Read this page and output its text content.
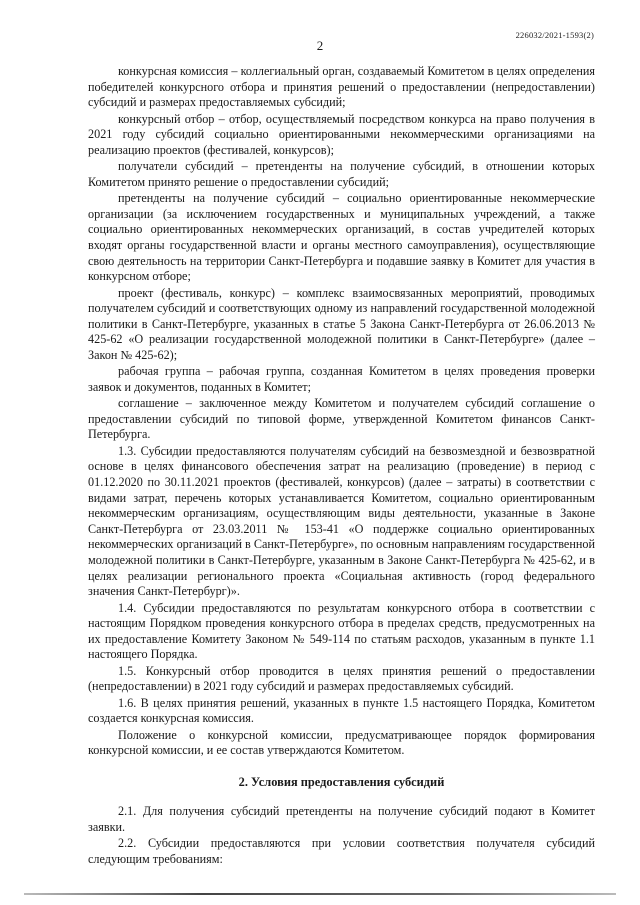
226032/2021-1593(2)
2

конкурсная комиссия – коллегиальный орган, создаваемый Комитетом в целях определения победителей конкурсного отбора и принятия решений о предоставлении (непредоставлении) субсидий и размерах предоставляемых субсидий;

конкурсный отбор – отбор, осуществляемый посредством конкурса на право получения в 2021 году субсидий социально ориентированными некоммерческими организациями на реализацию проектов (фестивалей, конкурсов);

получатели субсидий – претенденты на получение субсидий, в отношении которых Комитетом принято решение о предоставлении субсидий;

претенденты на получение субсидий – социально ориентированные некоммерческие организации (за исключением государственных и муниципальных учреждений, а также социально ориентированных некоммерческих организаций, в состав учредителей которых входят органы государственной власти и органы местного самоуправления), осуществляющие свою деятельность на территории Санкт-Петербурга и подавшие заявку в Комитет для участия в конкурсном отборе;

проект (фестиваль, конкурс) – комплекс взаимосвязанных мероприятий, проводимых получателем субсидий и соответствующих одному из направлений государственной молодежной политики в Санкт-Петербурге, указанных в статье 5 Закона Санкт-Петербурга от 26.06.2013 № 425-62 «О реализации государственной молодежной политики в Санкт-Петербурге» (далее – Закон № 425-62);

рабочая группа – рабочая группа, созданная Комитетом в целях проведения проверки заявок и документов, поданных в Комитет;

соглашение – заключенное между Комитетом и получателем субсидий соглашение о предоставлении субсидий по типовой форме, утвержденной Комитетом финансов Санкт-Петербурга.

1.3. Субсидии предоставляются получателям субсидий на безвозмездной и безвозвратной основе в целях финансового обеспечения затрат на реализацию (проведение) в период с 01.12.2020 по 30.11.2021 проектов (фестивалей, конкурсов) (далее – затраты) в соответствии с видами затрат, перечень которых устанавливается Комитетом, социально ориентированным некоммерческим организациям, осуществляющим виды деятельности, указанные в Законе Санкт-Петербурга от 23.03.2011 № 153-41 «О поддержке социально ориентированных некоммерческих организаций в Санкт-Петербурге», по основным направлениям государственной молодежной политики в Санкт-Петербурге, указанным в Законе Санкт-Петербурга № 425-62, и в целях реализации регионального проекта «Социальная активность (город федерального значения Санкт-Петербург)».

1.4. Субсидии предоставляются по результатам конкурсного отбора в соответствии с настоящим Порядком проведения конкурсного отбора в пределах средств, предусмотренных на их предоставление Комитету Законом № 549-114 по статьям расходов, указанным в пункте 1.1 настоящего Порядка.

1.5. Конкурсный отбор проводится в целях принятия решений о предоставлении (непредоставлении) в 2021 году субсидий и размерах предоставляемых субсидий.

1.6. В целях принятия решений, указанных в пункте 1.5 настоящего Порядка, Комитетом создается конкурсная комиссия.

Положение о конкурсной комиссии, предусматривающее порядок формирования конкурсной комиссии, и ее состав утверждаются Комитетом.

2. Условия предоставления субсидий

2.1. Для получения субсидий претенденты на получение субсидий подают в Комитет заявки.

2.2. Субсидии предоставляются при условии соответствия получателя субсидий следующим требованиям:
